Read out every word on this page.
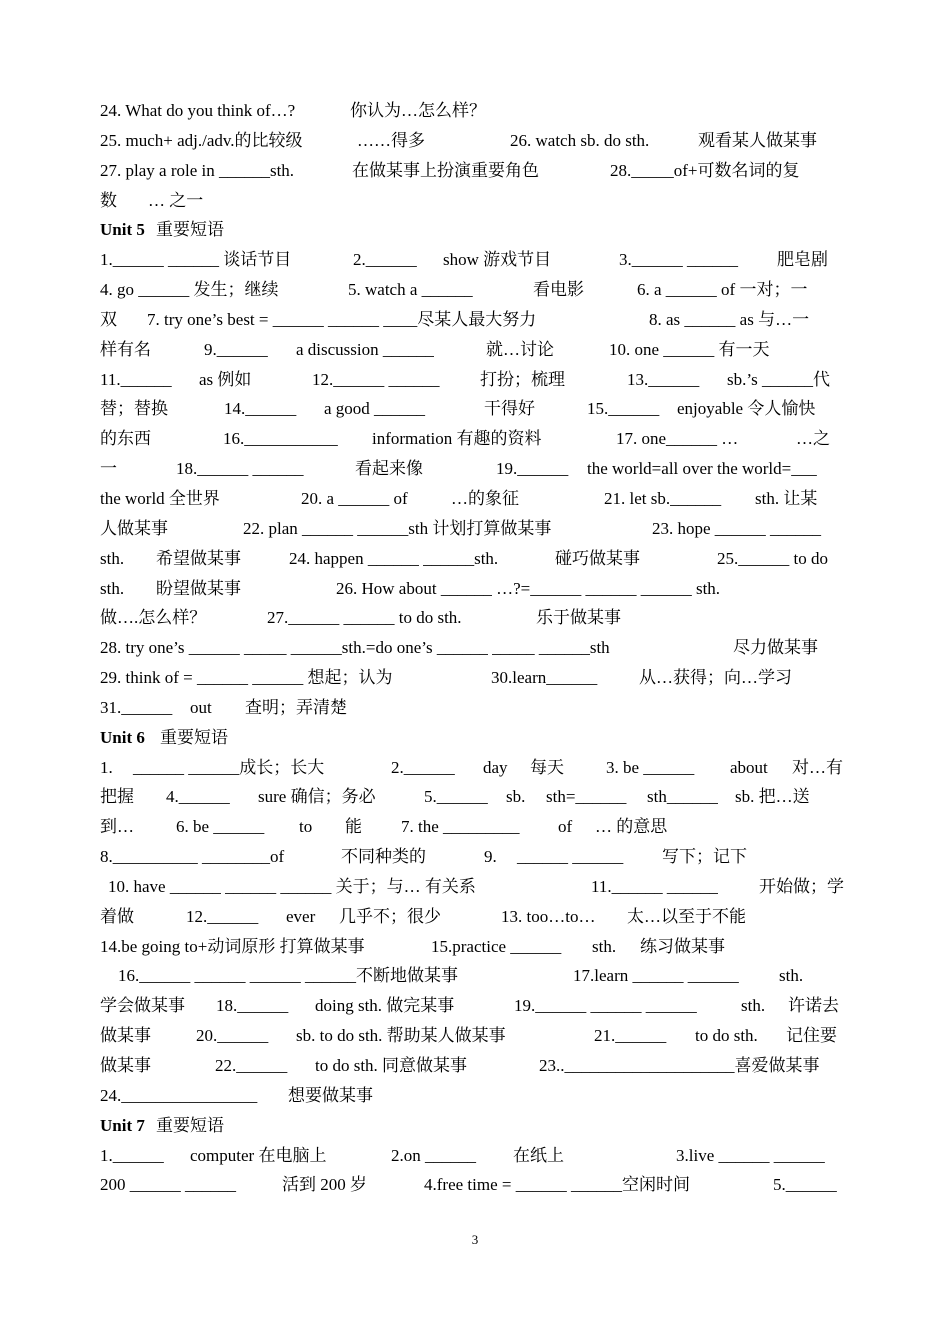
24. What do you think of…?	你认为…怎么样？
25. much+ adj./adv.的比较级	……得多	26. watch sb. do sth.	观看某人做某事
27. play a role in ______sth.	在做某事上扮演重要角色	28._____of+可数名词的复
数 … 之一
Unit 5 重要短语
1.______ ______ 谈话节目	2.______ show 游戏节目	3.______ ______ 肥皂剧
4. go ______ 发生；继续	5. watch a ______	看电影	6. a ______ of 一对；一
双 7. try one’s best = ______ ______ ____尽某人最大努力	8. as ______ as 与…一
样有名	9.______ a discussion ______	就…讨论	10. one ______ 有一天
11.______ as 例如	12.______ ______ 打扮；梳理	13.______ sb.’s ______代
替；替换	14.______ a good ______	干得好	15.______ enjoyable 令人愉快
的东西	16.___________ information 有趣的资料	17. one______ …	…之
一	18.______ ______	看起来像	19.______ the world=all over the world=___
the world 全世界	20. a ______ of	…的象征	21. let sb.______ sth. 让某
人做某事	22. plan ______ ______sth 计划打算做某事	23. hope ______ ______
sth. 希望做某事	24. happen ______ ______sth.	碰巧做某事	25.______ to do
sth. 盼望做某事	26. How about ______ …?=______ ______ ______ sth.
做….怎么样？	27.______ ______ to do sth.	乐于做某事
28. try one’s ______ _____ ______sth.=do one’s ______ _____ ______sth	尽力做某事
29. think of = ______ ______ 想起；认为	30.learn______ 从…获得；向…学习
31.______ out 查明；弄清楚
Unit 6 重要短语
1. ______ ______成长；长大	2.______ day 每天 3. be ______ about 对…有
把握 4.______ sure 确信；务必	5.______ sb. sth=______ sth______ sb. 把…送
到… 6. be ______ to 能 7. the _________ of … 的意思
8.__________ ________of	不同种类的	9. ______ ______ 写下；记下
10. have ______ ______ ______ 关于；与… 有关系	11.______ ______ 开始做；学
着做	12.______ ever 几乎不；很少	13. too…to… 太…以至于不能
14.be going to+动词原形 打算做某事	15.practice ______ sth. 练习做某事
16.______ ______ ______ ______不断地做某事	17.learn ______ ______ sth.
学会做某事 18.______ doing sth. 做完某事	19.______ ______ ______	sth. 许诺去
做某事	20.______ sb. to do sth. 帮助某人做某事	21.______ to do sth. 记住要
做某事	22.______ to do sth. 同意做某事	23..____________________喜爱做某事
24.________________ 想要做某事
Unit 7 重要短语
1.______ computer 在电脑上	2.on ______ 在纸上	3.live ______ ______
200 ______ ______	活到 200 岁	4.free time = ______ ______空闲时间	5.______
3
